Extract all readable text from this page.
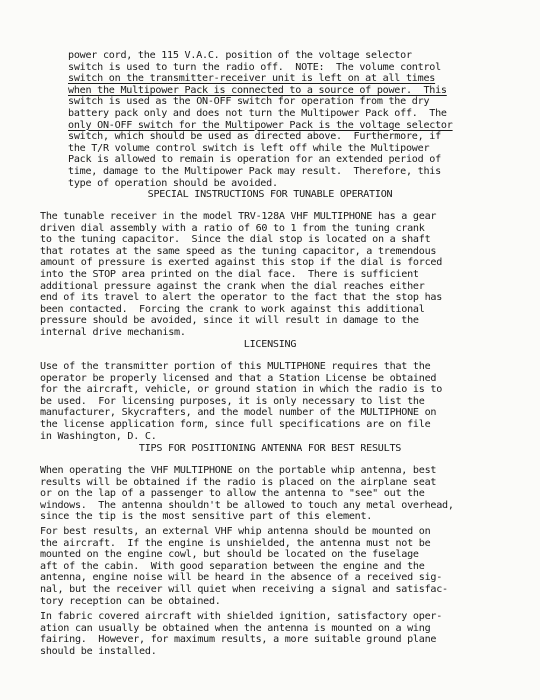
power cord, the 115 V.A.C. position of the voltage selector
switch is used to turn the radio off.  NOTE:  The volume control
switch on the transmitter-receiver unit is left on at all times
when the Multipower Pack is connected to a source of power.  This
switch is used as the ON-OFF switch for operation from the dry
battery pack only and does not turn the Multipower Pack off.  The
only ON-OFF switch for the Multipower Pack is the voltage selector
switch, which should be used as directed above.  Furthermore, if
the T/R volume control switch is left off while the Multipower
Pack is allowed to remain is operation for an extended period of
time, damage to the Multipower Pack may result.  Therefore, this
type of operation should be avoided.
SPECIAL INSTRUCTIONS FOR TUNABLE OPERATION
The tunable receiver in the model TRV-128A VHF MULTIPHONE has a gear
driven dial assembly with a ratio of 60 to 1 from the tuning crank
to the tuning capacitor.  Since the dial stop is located on a shaft
that rotates at the same speed as the tuning capacitor, a tremendous
amount of pressure is exerted against this stop if the dial is forced
into the STOP area printed on the dial face.  There is sufficient
additional pressure against the crank when the dial reaches either
end of its travel to alert the operator to the fact that the stop has
been contacted.  Forcing the crank to work against this additional
pressure should be avoided, since it will result in damage to the
internal drive mechanism.
LICENSING
Use of the transmitter portion of this MULTIPHONE requires that the
operator be properly licensed and that a Station License be obtained
for the aircraft, vehicle, or ground station in which the radio is to
be used.  For licensing purposes, it is only necessary to list the
manufacturer, Skycrafters, and the model number of the MULTIPHONE on
the license application form, since full specifications are on file
in Washington, D. C.
TIPS FOR POSITIONING ANTENNA FOR BEST RESULTS
When operating the VHF MULTIPHONE on the portable whip antenna, best
results will be obtained if the radio is placed on the airplane seat
or on the lap of a passenger to allow the antenna to "see" out the
windows.  The antenna shouldn't be allowed to touch any metal overhead,
since the tip is the most sensitive part of this element.
For best results, an external VHF whip antenna should be mounted on
the aircraft.  If the engine is unshielded, the antenna must not be
mounted on the engine cowl, but should be located on the fuselage
aft of the cabin.  With good separation between the engine and the
antenna, engine noise will be heard in the absence of a received sig-
nal, but the receiver will quiet when receiving a signal and satisfac-
tory reception can be obtained.
In fabric covered aircraft with shielded ignition, satisfactory oper-
ation can usually be obtained when the antenna is mounted on a wing
fairing.  However, for maximum results, a more suitable ground plane
should be installed.
